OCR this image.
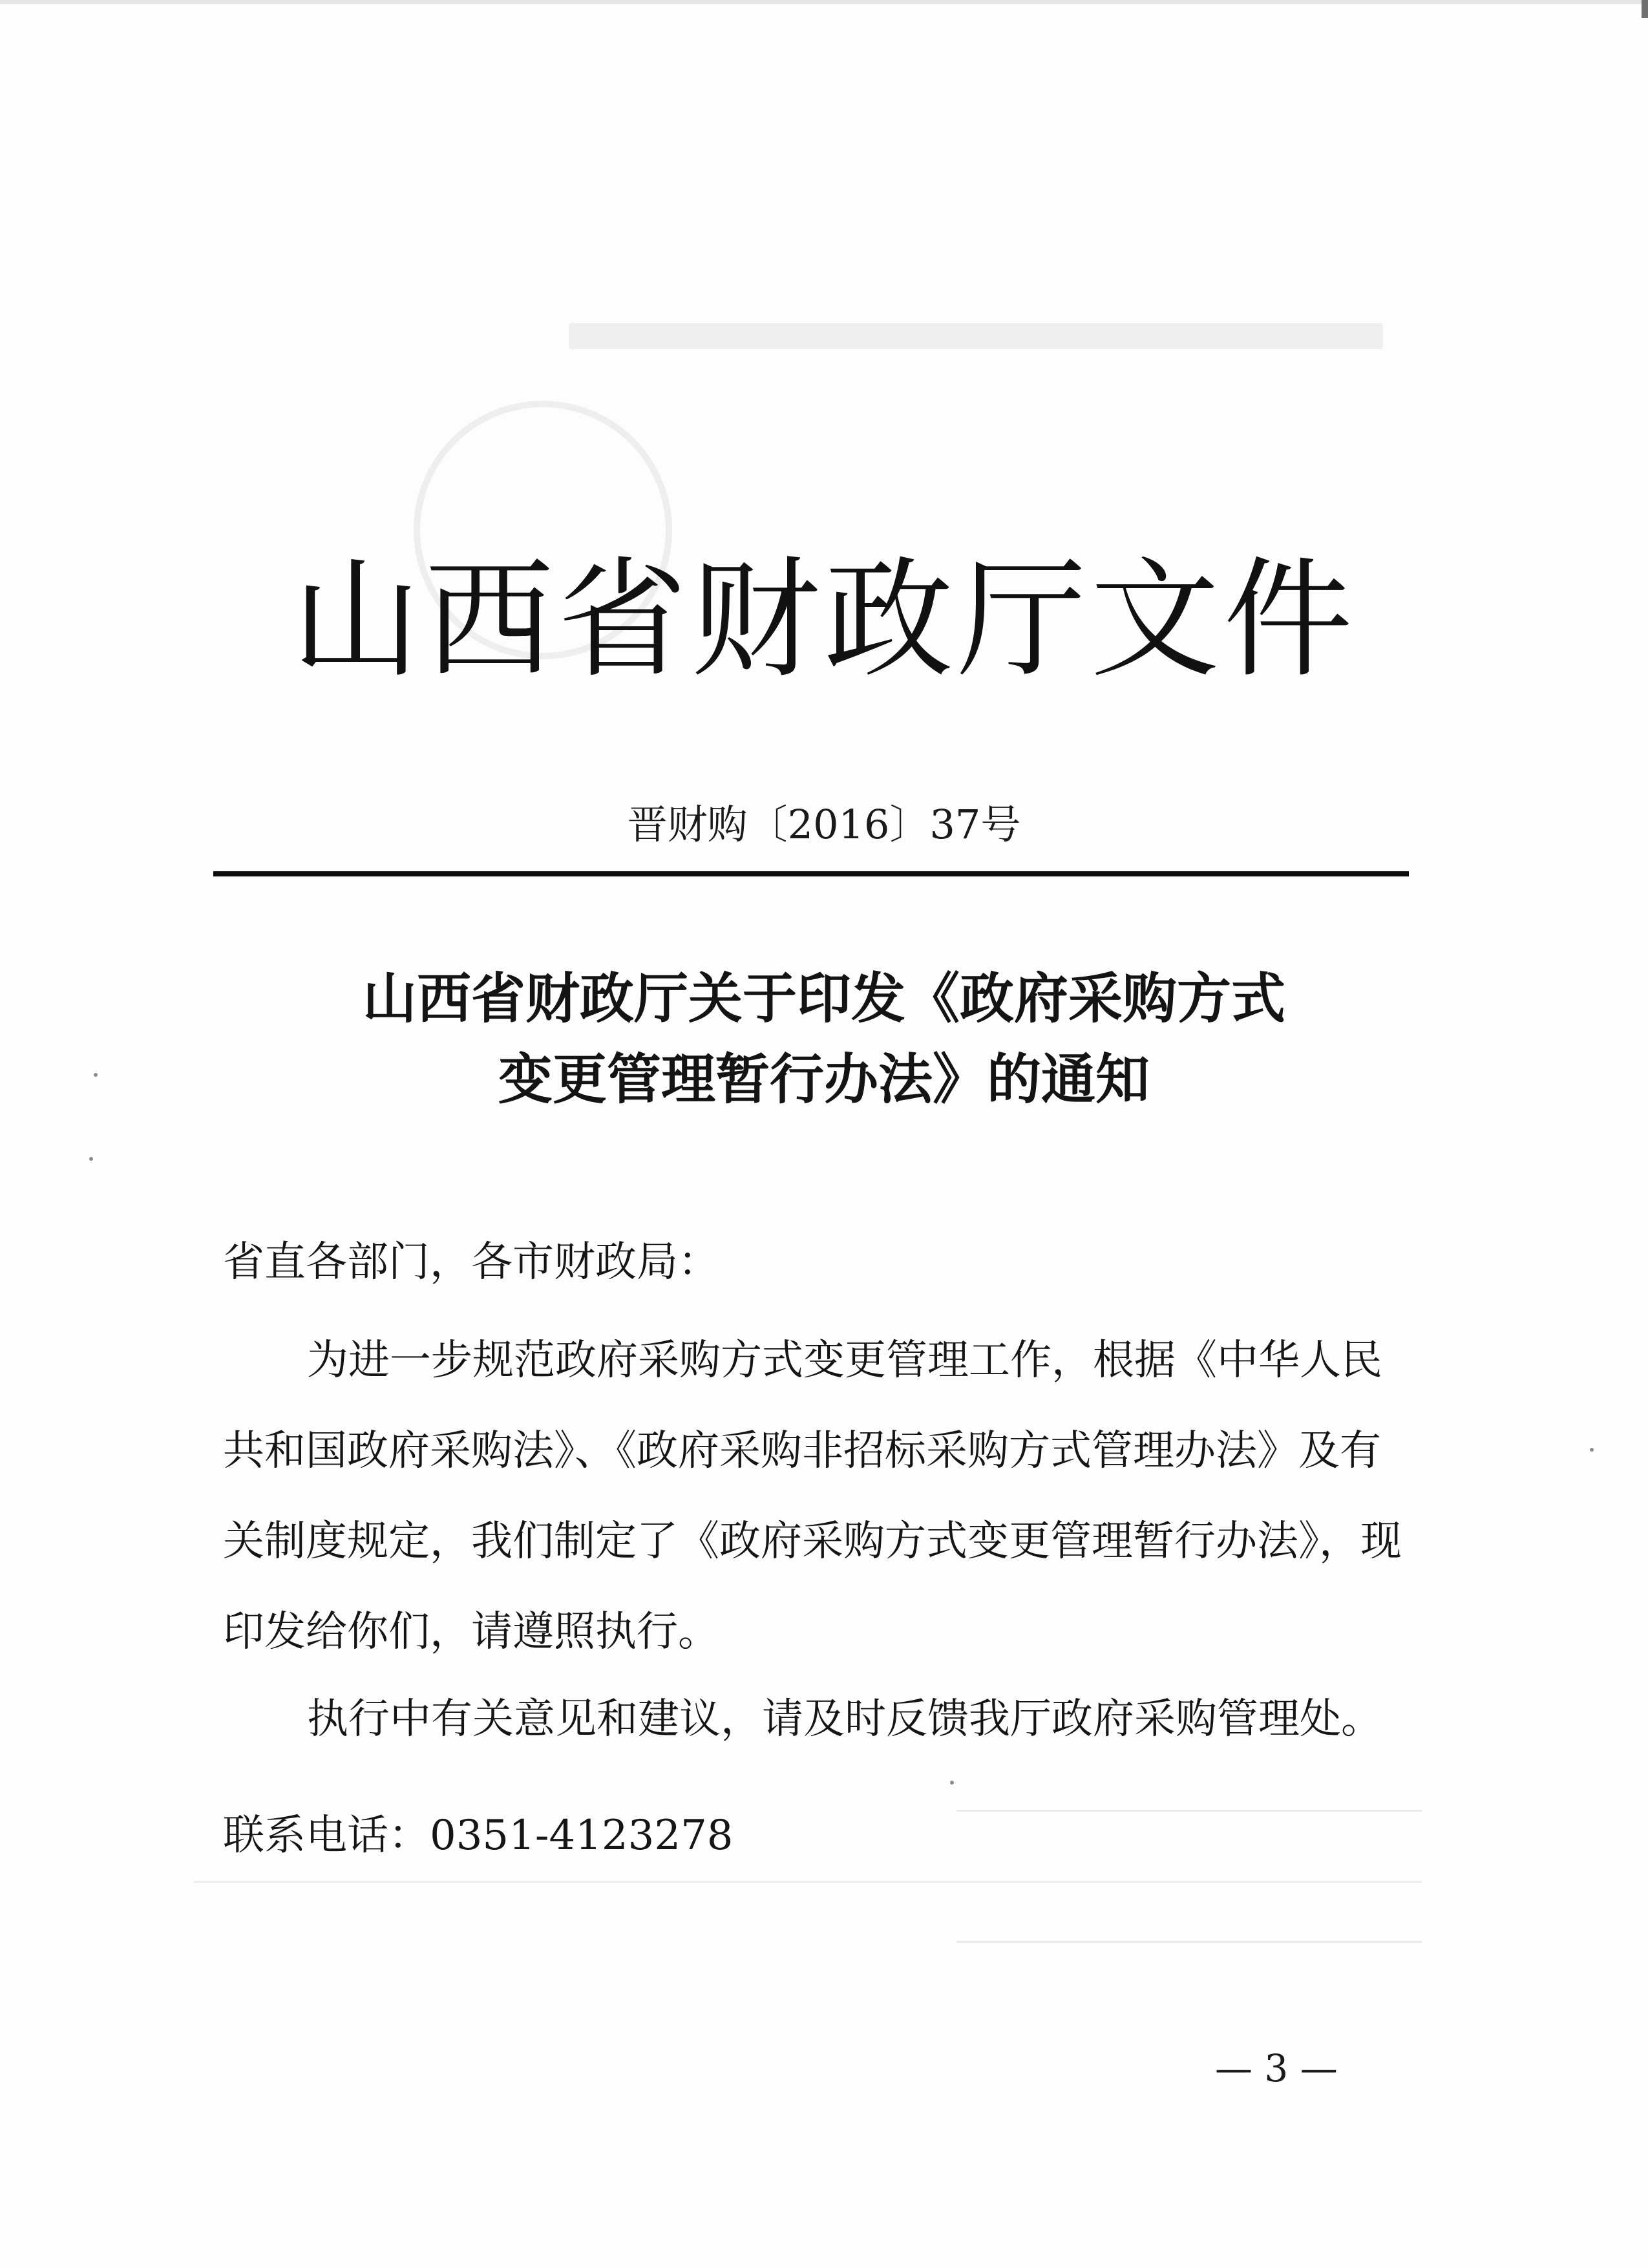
山西省财政厅文件
晋财购〔2016〕37号
山西省财政厅关于印发《政府采购方式
变更管理暂行办法》的通知
省直各部门，各市财政局：
为进一步规范政府采购方式变更管理工作，根据《中华人民
共和国政府采购法》、《政府采购非招标采购方式管理办法》及有
关制度规定，我们制定了《政府采购方式变更管理暂行办法》，现
印发给你们，请遵照执行。
执行中有关意见和建议，请及时反馈我厅政府采购管理处。
联系电话：0351-4123278
— 3 —
